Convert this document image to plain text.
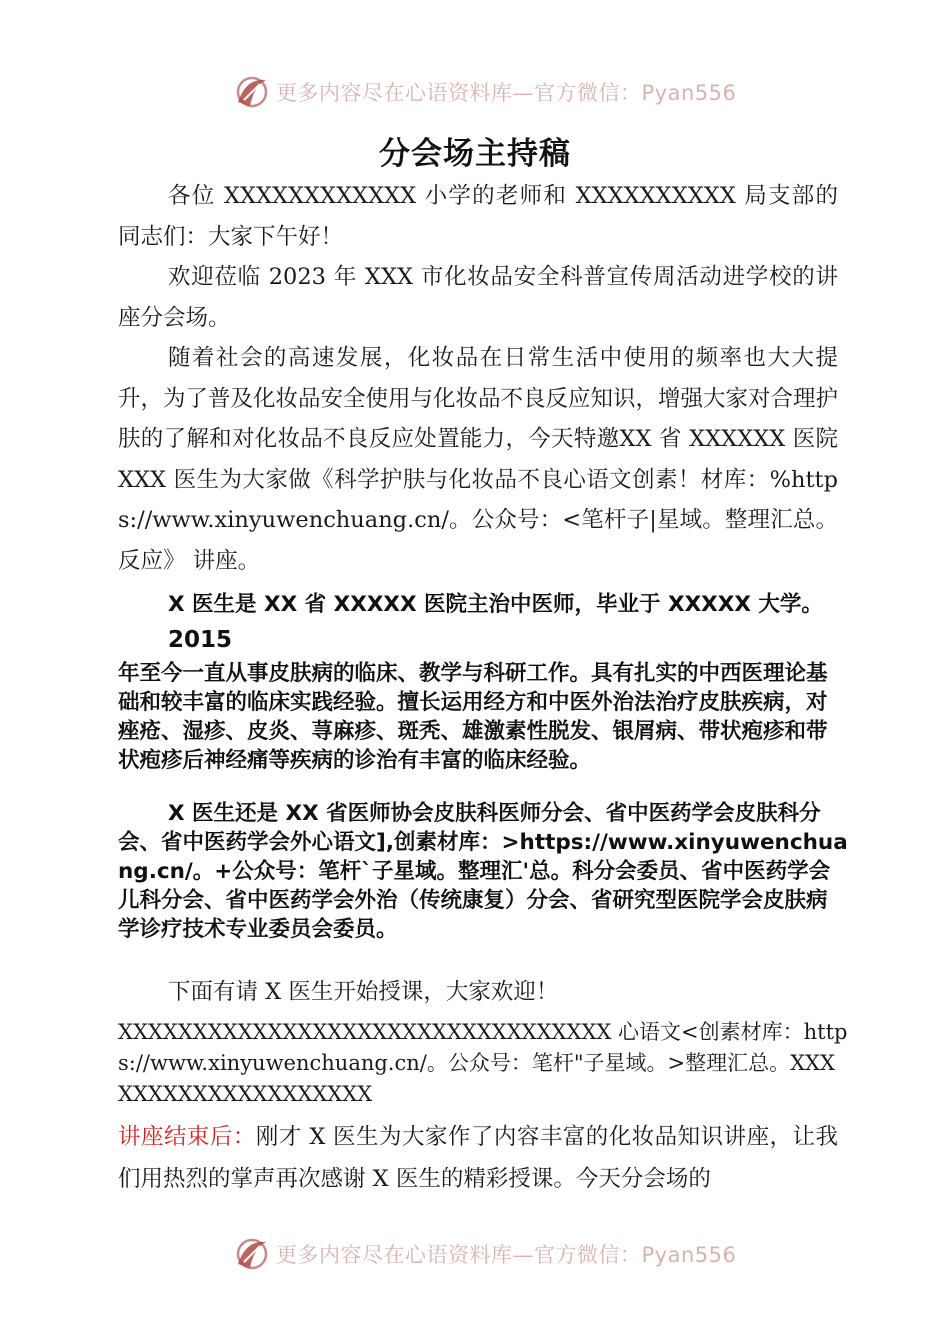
更多内容尽在心语资料库—官方微信：Pyan556
分会场主持稿
各位 XXXXXXXXXXXX 小学的老师和 XXXXXXXXXX 局支部的同志们：大家下午好！
欢迎莅临 2023 年 XXX 市化妆品安全科普宣传周活动进学校的讲座分会场。
随着社会的高速发展，化妆品在日常生活中使用的频率也大大提升，为了普及化妆品安全使用与化妆品不良反应知识，增强大家对合理护肤的了解和对化妆品不良反应处置能力，今天特邀XX 省 XXXXXX 医院 XXX 医生为大家做《科学护肤与化妆品不良心语文创素！材库：%https://www.xinyuwenchuang.cn/。公众号：<笔杆子|星域。整理汇总。反应》 讲座。
X 医生是 XX 省 XXXXX 医院主治中医师，毕业于 XXXXX 大学。
2015
年至今一直从事皮肤病的临床、教学与科研工作。具有扎实的中西医理论基础和较丰富的临床实践经验。擅长运用经方和中医外治法治疗皮肤疾病，对痤疮、湿疹、皮炎、荨麻疹、斑秃、雄激素性脱发、银屑病、带状疱疹和带状疱疹后神经痛等疾病的诊治有丰富的临床经验。
X 医生还是 XX 省医师协会皮肤科医师分会、省中医药学会皮肤科分会、省中医药学会外心语文],创素材库：>https://www.xinyuwenchuang.cn/。+公众号：笔杆`子星域。整理汇'总。科分会委员、省中医药学会儿科分会、省中医药学会外治（传统康复）分会、省研究型医院学会皮肤病学诊疗技术专业委员会委员。
下面有请 X 医生开始授课，大家欢迎！
XXXXXXXXXXXXXXXXXXXXXXXXXXXXXXXXX 心语文<创素材库：https://www.xinyuwenchuang.cn/。公众号：笔杆"子星域。>整理汇总。XXXXXXXXXXXXXXXXXXXX
讲座结束后：刚才 X 医生为大家作了内容丰富的化妆品知识讲座，让我们用热烈的掌声再次感谢 X 医生的精彩授课。今天分会场的
更多内容尽在心语资料库—官方微信：Pyan556
